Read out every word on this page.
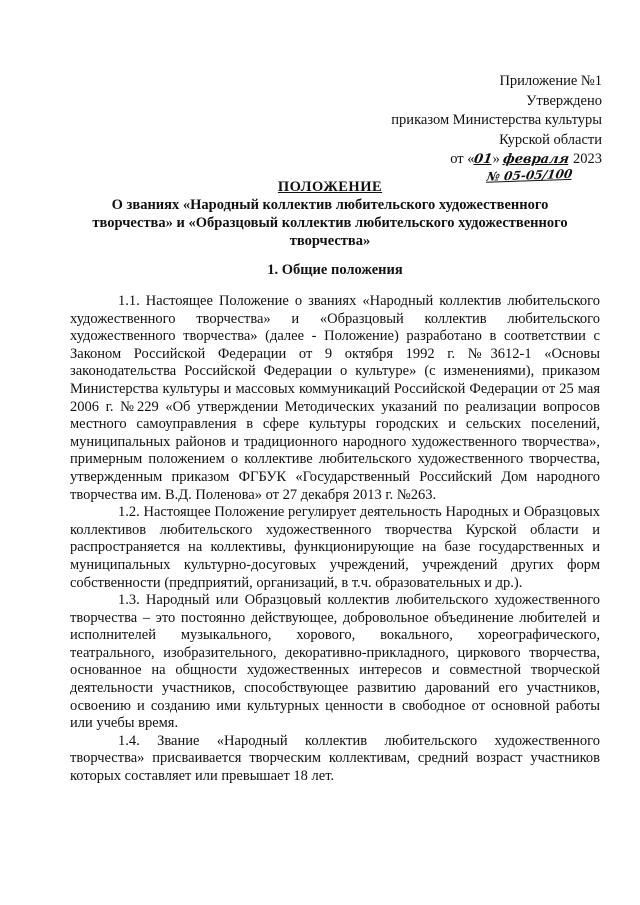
Приложение №1
Утверждено
приказом Министерства культуры
Курской области
от «01» февраля 2023
№ 05-05/100
ПОЛОЖЕНИЕ
О званиях «Народный коллектив любительского художественного
творчества» и «Образцовый коллектив любительского художественного
творчества»
1. Общие положения

1.1. Настоящее Положение о званиях «Народный коллектив любительского художественного творчества» и «Образцовый коллектив любительского художественного творчества» (далее - Положение) разработано в соответствии с Законом Российской Федерации от 9 октября 1992 г. №3612-1 «Основы законодательства Российской Федерации о культуре» (с изменениями), приказом Министерства культуры и массовых коммуникаций Российской Федерации от 25 мая 2006 г. №229 «Об утверждении Методических указаний по реализации вопросов местного самоуправления в сфере культуры городских и сельских поселений, муниципальных районов и традиционного народного художественного творчества», примерным положением о коллективе любительского художественного творчества, утвержденным приказом ФГБУК «Государственный Российский Дом народного творчества им. В.Д. Поленова» от 27 декабря 2013 г. №263.

1.2. Настоящее Положение регулирует деятельность Народных и Образцовых коллективов любительского художественного творчества Курской области и распространяется на коллективы, функционирующие на базе государственных и муниципальных культурно-досуговых учреждений, учреждений других форм собственности (предприятий, организаций, в т.ч. образовательных и др.).

1.3. Народный или Образцовый коллектив любительского художественного творчества – это постоянно действующее, добровольное объединение любителей и исполнителей музыкального, хорового, вокального, хореографического, театрального, изобразительного, декоративно-прикладного, циркового творчества, основанное на общности художественных интересов и совместной творческой деятельности участников, способствующее развитию дарований его участников, освоению и созданию ими культурных ценности в свободное от основной работы или учебы время.

1.4. Звание «Народный коллектив любительского художественного творчества» присваивается творческим коллективам, средний возраст участников которых составляет или превышает 18 лет.
